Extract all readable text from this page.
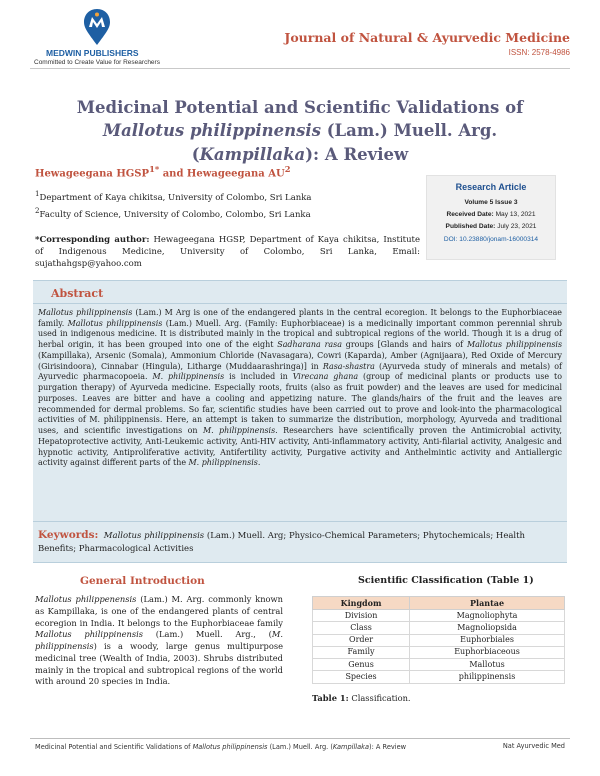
MEDWIN PUBLISHERS
Committed to Create Value for Researchers
Journal of Natural & Ayurvedic Medicine
ISSN: 2578-4986
Medicinal Potential and Scientific Validations of Mallotus philippinensis (Lam.) Muell. Arg. (Kampillaka): A Review
Hewageegana $HGSP^{1*}$ and Hewageegana $AU^2$
$^1$Department of Kaya chikitsa, University of Colombo, Sri Lanka
$^2$Faculty of Science, University of Colombo, Colombo, Sri Lanka
Research Article
Volume 5 Issue 3
Received Date: May 13, 2021
Published Date: July 23, 2021
DOI: 10.23880/jonam-16000314
*Corresponding author: Hewageegana HGSP, Department of Kaya chikitsa, Institute of Indigenous Medicine, University of Colombo, Sri Lanka, Email: sujathahgsp@yahoo.com
Abstract
Mallotus philippinensis (Lam.) M Arg is one of the endangered plants in the central ecoregion. It belongs to the Euphorbiaceae family. Mallotus philippinensis (Lam.) Muell. Arg. (Family: Euphorbiaceae) is a medicinally important common perennial shrub used in indigenous medicine. It is distributed mainly in the tropical and subtropical regions of the world. Though it is a drug of herbal origin, it has been grouped into one of the eight Sadharana rasa groups [Glands and hairs of Mallotus philippinensis (Kampillaka), Arsenic (Somala), Ammonium Chloride (Navasagara), Cowri (Kaparda), Amber (Agnijaara), Red Oxide of Mercury (Girisindoora), Cinnabar (Hingula), Litharge (Muddaarashringa)] in Rasa-shastra (Ayurveda study of minerals and metals) of Ayurvedic pharmacopoeia. M. philippinensis is included in Virecana ghana (group of medicinal plants or products use to purgation therapy) of Ayurveda medicine. Especially roots, fruits (also as fruit powder) and the leaves are used for medicinal purposes. Leaves are bitter and have a cooling and appetizing nature. The glands/hairs of the fruit and the leaves are recommended for dermal problems. So far, scientific studies have been carried out to prove and look-into the pharmacological activities of M. philippinensis. Here, an attempt is taken to summarize the distribution, morphology, Ayurveda and traditional uses, and scientific investigations on M. philippinensis. Researchers have scientifically proven the Antimicrobial activity, Hepatoprotective activity, Anti-Leukemic activity, Anti-HIV activity, Anti-inflammatory activity, Anti-filarial activity, Analgesic and hypnotic activity, Antiproliferative activity, Antifertility activity, Purgative activity and Anthelmintic activity and Antiallergic activity against different parts of the M. philippinensis.
Keywords: Mallotus philippinensis (Lam.) Muell. Arg; Physico-Chemical Parameters; Phytochemicals; Health Benefits; Pharmacological Activities
General Introduction
Mallotus philippenensis (Lam.) M. Arg. commonly known as Kampillaka, is one of the endangered plants of central ecoregion in India. It belongs to the Euphorbiaceae family Mallotus philippinensis (Lam.) Muell. Arg., (M. philippinensis) is a woody, large genus multipurpose medicinal tree (Wealth of India, 2003). Shrubs distributed mainly in the tropical and subtropical regions of the world with around 20 species in India.
Scientific Classification (Table 1)
Kingdom	Plantae
Division	Magnoliophyta
Class	Magnoliopsida
Order	Euphorbiales
Family	Euphorbiaceous
Genus	Mallotus
Species	philippinensis
Table 1: Classification.
Medicinal Potential and Scientific Validations of Mallotus philippinensis (Lam.) Muell. Arg. (Kampillaka): A Review	Nat Ayurvedic Med
